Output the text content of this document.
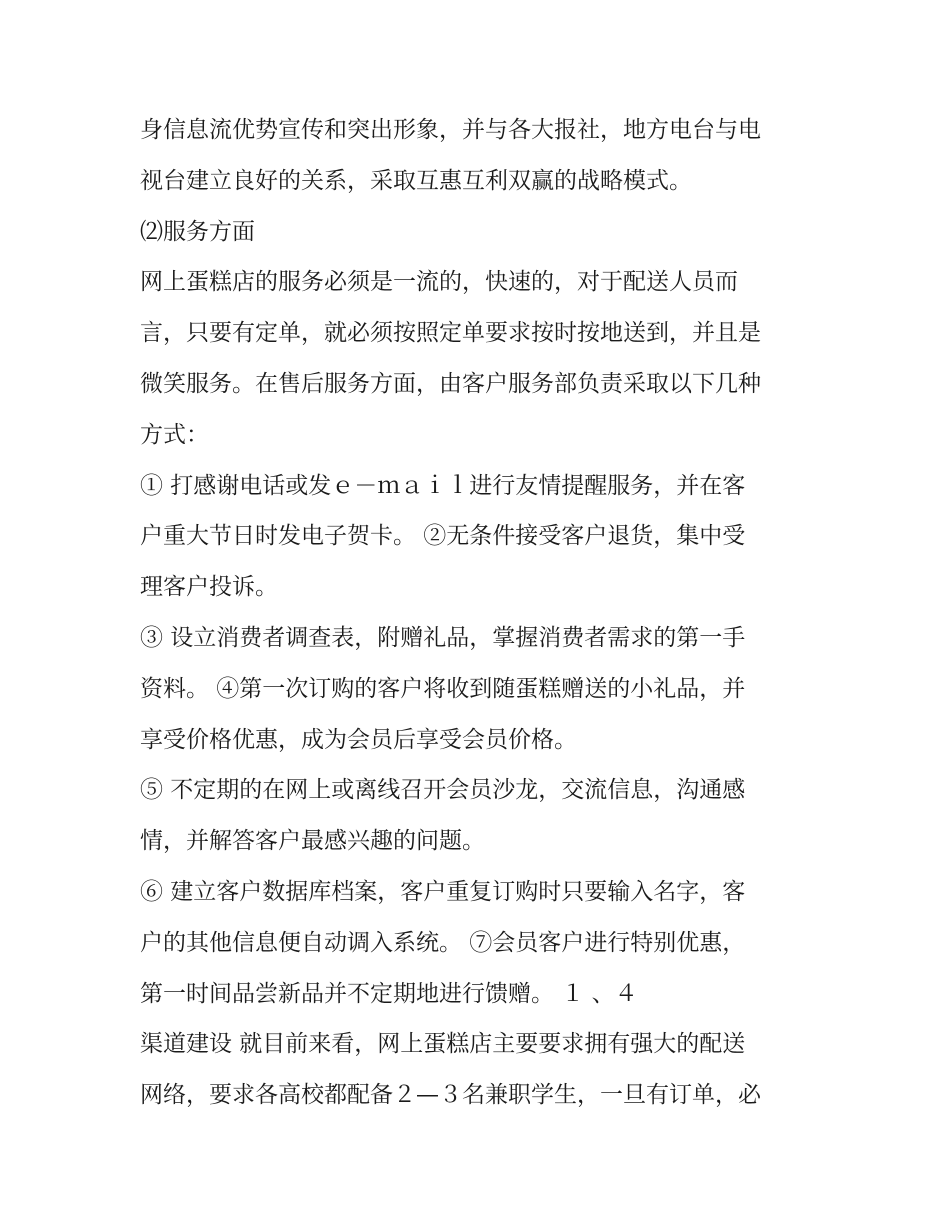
身信息流优势宣传和突出形象，并与各大报社，地方电台与电
视台建立良好的关系，采取互惠互利双赢的战略模式。
⑵服务方面
网上蛋糕店的服务必须是一流的，快速的，对于配送人员而
言，只要有定单，就必须按照定单要求按时按地送到，并且是
微笑服务。在售后服务方面，由客户服务部负责采取以下几种
方式：
① 打感谢电话或发ｅ－ｍａｉｌ进行友情提醒服务，并在客
户重大节日时发电子贺卡。 ②无条件接受客户退货，集中受
理客户投诉。
③ 设立消费者调查表，附赠礼品，掌握消费者需求的第一手
资料。 ④第一次订购的客户将收到随蛋糕赠送的小礼品，并
享受价格优惠，成为会员后享受会员价格。
⑤ 不定期的在网上或离线召开会员沙龙，交流信息，沟通感
情，并解答客户最感兴趣的问题。
⑥ 建立客户数据库档案，客户重复订购时只要输入名字，客
户的其他信息便自动调入系统。 ⑦会员客户进行特别优惠，
第一时间品尝新品并不定期地进行馈赠。 １ 、４
渠道建设 就目前来看，网上蛋糕店主要要求拥有强大的配送
网络，要求各高校都配备２—３名兼职学生，一旦有订单，必
